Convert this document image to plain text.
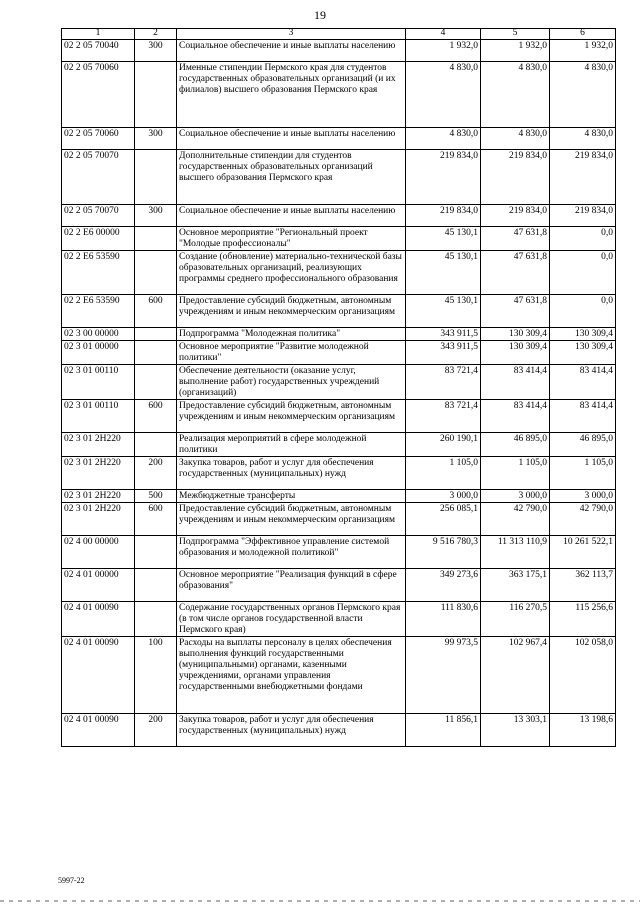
19
1	2	3	4	5	6
02 2 05 70040	300	Социальное обеспечение и иные выплаты населению	1 932,0	1 932,0	1 932,0
02 2 05 70060		Именные стипендии Пермского края для студентов государственных образовательных организаций (и их филиалов) высшего образования Пермского края	4 830,0	4 830,0	4 830,0
02 2 05 70060	300	Социальное обеспечение и иные выплаты населению	4 830,0	4 830,0	4 830,0
02 2 05 70070		Дополнительные стипендии для студентов государственных образовательных организаций высшего образования Пермского края	219 834,0	219 834,0	219 834,0
02 2 05 70070	300	Социальное обеспечение и иные выплаты населению	219 834,0	219 834,0	219 834,0
02 2 E6 00000		Основное мероприятие "Региональный проект "Молодые профессионалы"	45 130,1	47 631,8	0,0
02 2 E6 53590		Создание (обновление) материально-технической базы образовательных организаций, реализующих программы среднего профессионального образования	45 130,1	47 631,8	0,0
02 2 E6 53590	600	Предоставление субсидий бюджетным, автономным учреждениям и иным некоммерческим организациям	45 130,1	47 631,8	0,0
02 3 00 00000		Подпрограмма "Молодежная политика"	343 911,5	130 309,4	130 309,4
02 3 01 00000		Основное мероприятие "Развитие молодежной политики"	343 911,5	130 309,4	130 309,4
02 3 01 00110		Обеспечение деятельности (оказание услуг, выполнение работ) государственных учреждений (организаций)	83 721,4	83 414,4	83 414,4
02 3 01 00110	600	Предоставление субсидий бюджетным, автономным учреждениям и иным некоммерческим организациям	83 721,4	83 414,4	83 414,4
02 3 01 2H220		Реализация мероприятий в сфере молодежной политики	260 190,1	46 895,0	46 895,0
02 3 01 2H220	200	Закупка товаров, работ и услуг для обеспечения государственных (муниципальных) нужд	1 105,0	1 105,0	1 105,0
02 3 01 2H220	500	Межбюджетные трансферты	3 000,0	3 000,0	3 000,0
02 3 01 2H220	600	Предоставление субсидий бюджетным, автономным учреждениям и иным некоммерческим организациям	256 085,1	42 790,0	42 790,0
02 4 00 00000		Подпрограмма "Эффективное управление системой образования и молодежной политикой"	9 516 780,3	11 313 110,9	10 261 522,1
02 4 01 00000		Основное мероприятие "Реализация функций в сфере образования"	349 273,6	363 175,1	362 113,7
02 4 01 00090		Содержание государственных органов Пермского края (в том числе органов государственной власти Пермского края)	111 830,6	116 270,5	115 256,6
02 4 01 00090	100	Расходы на выплаты персоналу в целях обеспечения выполнения функций государственными (муниципальными) органами, казенными учреждениями, органами управления государственными внебюджетными фондами	99 973,5	102 967,4	102 058,0
02 4 01 00090	200	Закупка товаров, работ и услуг для обеспечения государственных (муниципальных) нужд	11 856,1	13 303,1	13 198,6
5997-22
